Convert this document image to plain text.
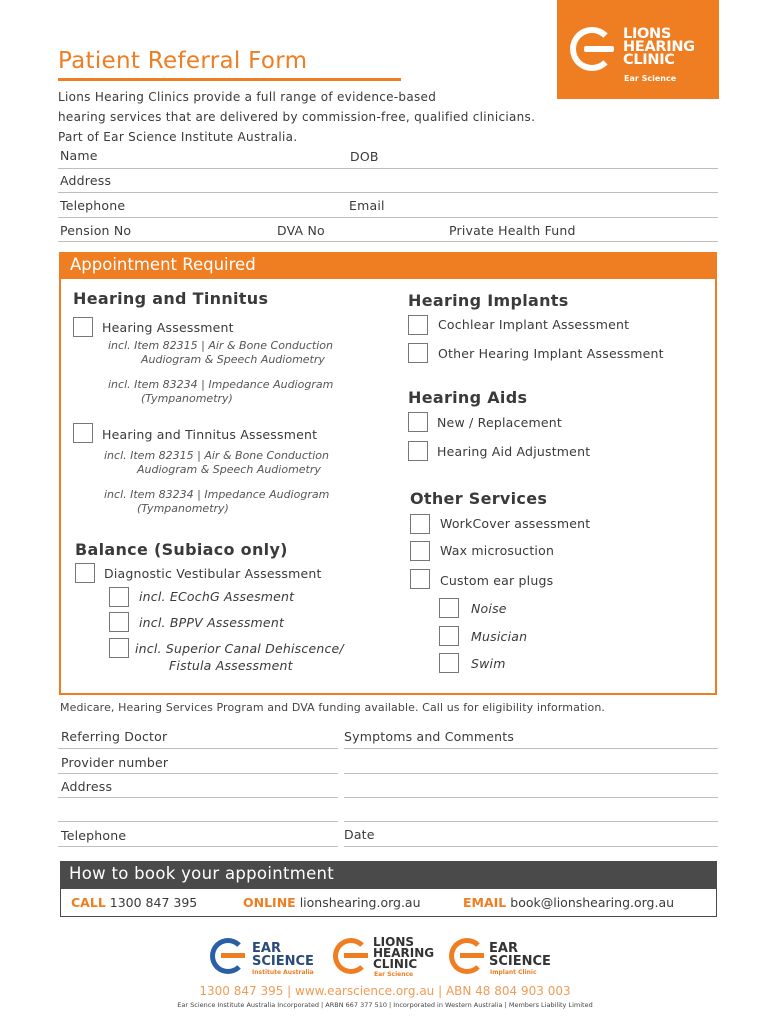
Patient Referral Form
LIONS
HEARING
CLINIC
Ear Science
Lions Hearing Clinics provide a full range of evidence-based
hearing services that are delivered by commission-free, qualified clinicians.
Part of Ear Science Institute Australia.
Name	DOB
Address
Telephone	Email
Pension No	DVA No	Private Health Fund
Appointment Required
Hearing and Tinnitus
Hearing Assessment
incl. Item 82315 | Air & Bone Conduction
Audiogram & Speech Audiometry
incl. Item 83234 | Impedance Audiogram
(Tympanometry)
Hearing and Tinnitus Assessment
incl. Item 82315 | Air & Bone Conduction
Audiogram & Speech Audiometry
incl. Item 83234 | Impedance Audiogram
(Tympanometry)
Balance (Subiaco only)
Diagnostic Vestibular Assessment
incl. ECochG Assesment
incl. BPPV Assessment
incl. Superior Canal Dehiscence/
Fistula Assessment
Hearing Implants
Cochlear Implant Assessment
Other Hearing Implant Assessment
Hearing Aids
New / Replacement
Hearing Aid Adjustment
Other Services
WorkCover assessment
Wax microsuction
Custom ear plugs
Noise
Musician
Swim
Medicare, Hearing Services Program and DVA funding available. Call us for eligibility information.
Referring Doctor	Symptoms and Comments
Provider number
Address
Telephone	Date
How to book your appointment
CALL 1300 847 395	ONLINE lionshearing.org.au	EMAIL book@lionshearing.org.au
EAR
SCIENCE
Institute Australia
LIONS
HEARING
CLINIC
Ear Science
EAR
SCIENCE
Implant Clinic
1300 847 395 | www.earscience.org.au | ABN 48 804 903 003
Ear Science Institute Australia Incorporated | ARBN 667 377 510 | Incorporated in Western Australia | Members Liability Limited
